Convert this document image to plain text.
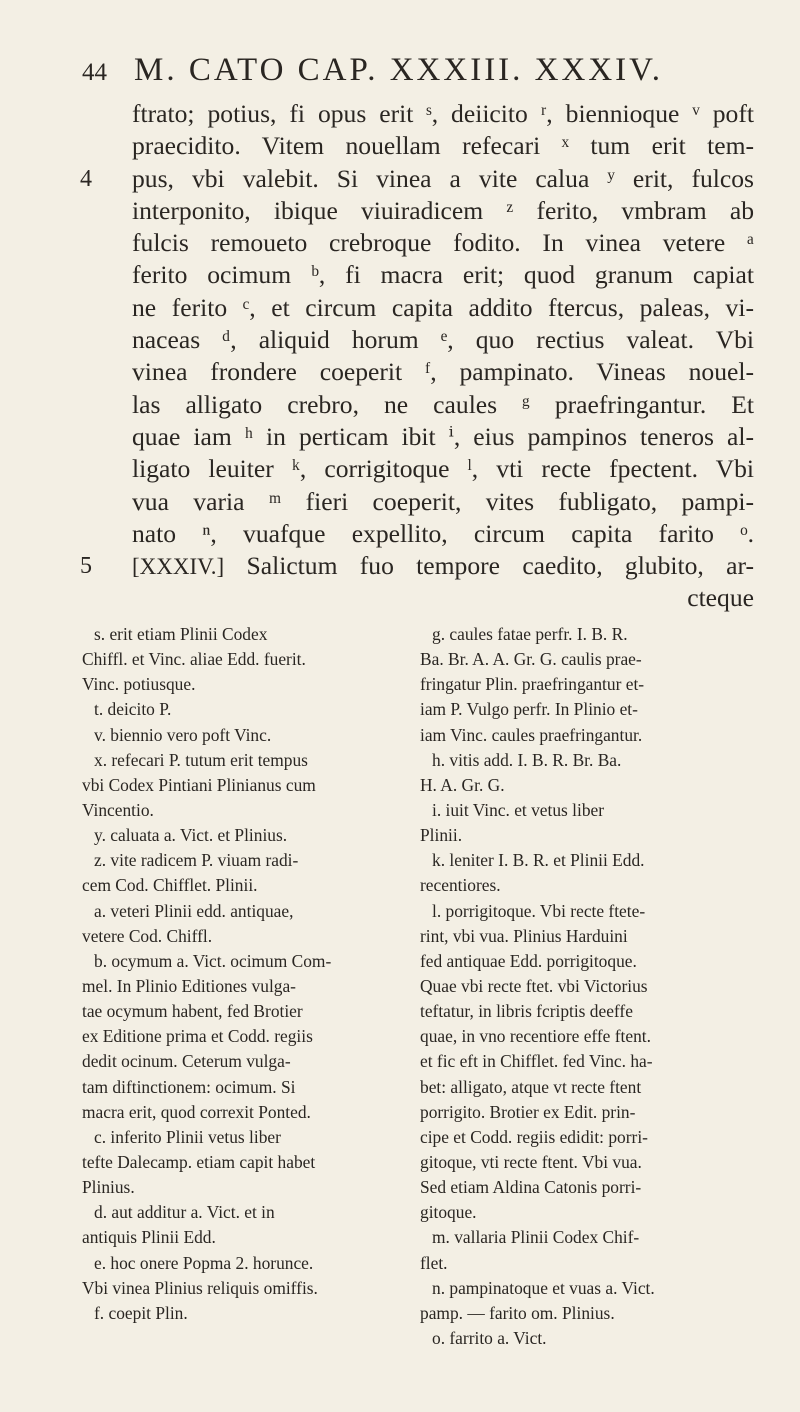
44 M. CATO CAP. XXXIII. XXXIV.
ftrato; potius, fi opus erit ˢ, deiicito ʳ, biennioque ᵛ poft
praecidito. Vitem nouellam refecari ˣ tum erit tem-
4 pus, vbi valebit. Si vinea a vite calua ʸ erit, fulcos
interponito, ibique viuiradicem ᶻ ferito, vmbram ab
fulcis remoueto crebroque fodito. In vinea vetere ᵃ
ferito ocimum ᵇ, fi macra erit; quod granum capiat
ne ferito ᶜ, et circum capita addito ftercus, paleas, vi-
naceas ᵈ, aliquid horum ᵉ, quo rectius valeat. Vbi
vinea frondere coeperit ᶠ, pampinato. Vineas nouel-
las alligato crebro, ne caules ᵍ praefringantur. Et
quae iam ʰ in perticam ibit ⁱ, eius pampinos teneros al-
ligato leuiter ᵏ, corrigitoque ˡ, vti recte fpectent. Vbi
vua varia ᵐ fieri coeperit, vites fubligato, pampi-
nato ⁿ, vuafque expellito, circum capita farito ᵒ.
5 [XXXIV.] Salictum fuo tempore caedito, glubito, ar-
cteque
s. erit etiam Plinii Codex
Chiffl. et Vinc. aliae Edd. fuerit.
Vinc. potiusque.
t. deicito P.
v. biennio vero poft Vinc.
x. refecari P. tutum erit tempus
vbi Codex Pintiani Plinianus cum
Vincentio.
y. caluata a. Vict. et Plinius.
z. vite radicem P. viuam radi-
cem Cod. Chifflet. Plinii.
a. veteri Plinii edd. antiquae,
vetere Cod. Chiffl.
b. ocymum a. Vict. ocimum Com-
mel. In Plinio Editiones vulga-
tae ocymum habent, fed Brotier
ex Editione prima et Codd. regiis
dedit ocinum. Ceterum vulga-
tam diftinctionem: ocimum. Si
macra erit, quod correxit Ponted.
c. inferito Plinii vetus liber
tefte Dalecamp. etiam capit habet
Plinius.
d. aut additur a. Vict. et in
antiquis Plinii Edd.
e. hoc onere Popma 2. horunce.
Vbi vinea Plinius reliquis omiffis.
f. coepit Plin.
g. caules fatae perfr. I. B. R.
Ba. Br. A. A. Gr. G. caulis prae-
fringatur Plin. praefringantur et-
iam P. Vulgo perfr. In Plinio et-
iam Vinc. caules praefringantur.
h. vitis add. I. B. R. Br. Ba.
H. A. Gr. G.
i. iuit Vinc. et vetus liber
Plinii.
k. leniter I. B. R. et Plinii Edd.
recentiores.
l. porrigitoque. Vbi recte ftete-
rint, vbi vua. Plinius Harduini
fed antiquae Edd. porrigitoque.
Quae vbi recte ftet. vbi Victorius
teftatur, in libris fcriptis deeffe
quae, in vno recentiore effe ftent.
et fic eft in Chifflet. fed Vinc. ha-
bet: alligato, atque vt recte ftent
porrigito. Brotier ex Edit. prin-
cipe et Codd. regiis edidit: porri-
gitoque, vti recte ftent. Vbi vua.
Sed etiam Aldina Catonis porri-
gitoque.
m. vallaria Plinii Codex Chif-
flet.
n. pampinatoque et vuas a. Vict.
pamp. — farito om. Plinius.
o. farrito a. Vict.
